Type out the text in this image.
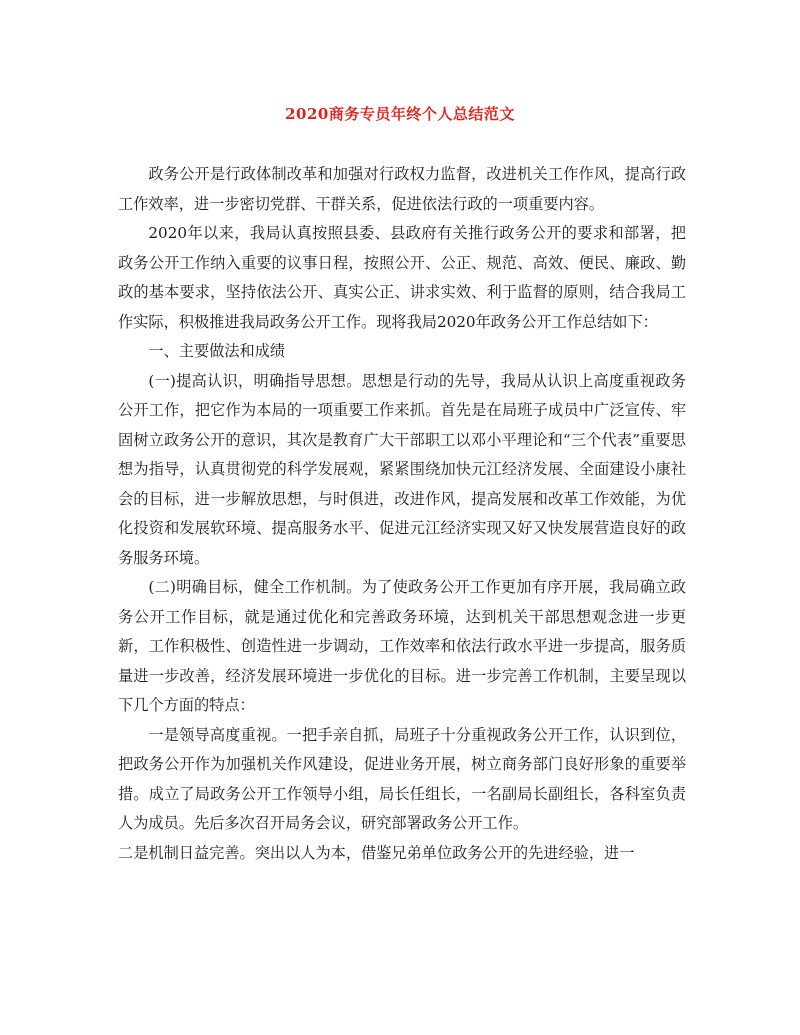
2020商务专员年终个人总结范文

政务公开是行政体制改革和加强对行政权力监督，改进机关工作作风，提高行政工作效率，进一步密切党群、干群关系，促进依法行政的一项重要内容。

2020年以来，我局认真按照县委、县政府有关推行政务公开的要求和部署，把政务公开工作纳入重要的议事日程，按照公开、公正、规范、高效、便民、廉政、勤政的基本要求，坚持依法公开、真实公正、讲求实效、利于监督的原则，结合我局工作实际，积极推进我局政务公开工作。现将我局2020年政务公开工作总结如下：

一、主要做法和成绩

(一)提高认识，明确指导思想。思想是行动的先导，我局从认识上高度重视政务公开工作，把它作为本局的一项重要工作来抓。首先是在局班子成员中广泛宣传、牢固树立政务公开的意识，其次是教育广大干部职工以邓小平理论和“三个代表”重要思想为指导，认真贯彻党的科学发展观，紧紧围绕加快元江经济发展、全面建设小康社会的目标，进一步解放思想，与时俱进，改进作风，提高发展和改革工作效能，为优化投资和发展软环境、提高服务水平、促进元江经济实现又好又快发展营造良好的政务服务环境。

(二)明确目标，健全工作机制。为了使政务公开工作更加有序开展，我局确立政务公开工作目标，就是通过优化和完善政务环境，达到机关干部思想观念进一步更新，工作积极性、创造性进一步调动，工作效率和依法行政水平进一步提高，服务质量进一步改善，经济发展环境进一步优化的目标。进一步完善工作机制，主要呈现以下几个方面的特点：

一是领导高度重视。一把手亲自抓，局班子十分重视政务公开工作，认识到位，把政务公开作为加强机关作风建设，促进业务开展，树立商务部门良好形象的重要举措。成立了局政务公开工作领导小组，局长任组长，一名副局长副组长，各科室负责人为成员。先后多次召开局务会议，研究部署政务公开工作。

二是机制日益完善。突出以人为本，借鉴兄弟单位政务公开的先进经验，进一
